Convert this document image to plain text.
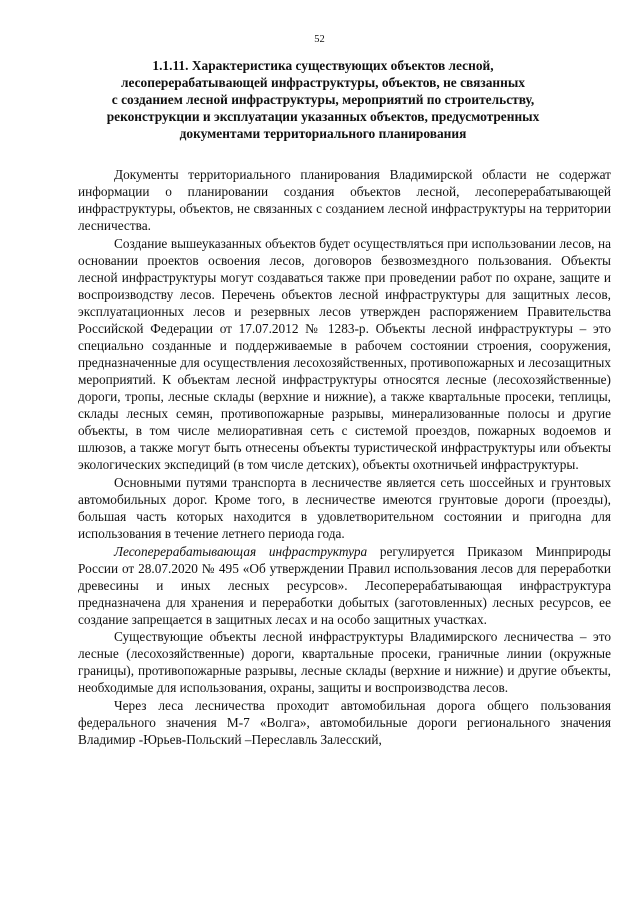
52
1.1.11. Характеристика существующих объектов лесной,
лесоперерабатывающей инфраструктуры, объектов, не связанных
с созданием лесной инфраструктуры, мероприятий по строительству,
реконструкции и эксплуатации указанных объектов, предусмотренных
документами территориального планирования

Документы территориального планирования Владимирской области не содержат информации о планировании создания объектов лесной, лесоперерабатывающей инфраструктуры, объектов, не связанных с созданием лесной инфраструктуры на территории лесничества.

Создание вышеуказанных объектов будет осуществляться при использовании лесов, на основании проектов освоения лесов, договоров безвозмездного пользования. Объекты лесной инфраструктуры могут создаваться также при проведении работ по охране, защите и воспроизводству лесов. Перечень объектов лесной инфраструктуры для защитных лесов, эксплуатационных лесов и резервных лесов утвержден распоряжением Правительства Российской Федерации от 17.07.2012 № 1283-р. Объекты лесной инфраструктуры – это специально созданные и поддерживаемые в рабочем состоянии строения, сооружения, предназначенные для осуществления лесохозяйственных, противопожарных и лесозащитных мероприятий. К объектам лесной инфраструктуры относятся лесные (лесохозяйственные) дороги, тропы, лесные склады (верхние и нижние), а также квартальные просеки, теплицы, склады лесных семян, противопожарные разрывы, минерализованные полосы и другие объекты, в том числе мелиоративная сеть с системой проездов, пожарных водоемов и шлюзов, а также могут быть отнесены объекты туристической инфраструктуры или объекты экологических экспедиций (в том числе детских), объекты охотничьей инфраструктуры.

Основными путями транспорта в лесничестве является сеть шоссейных и грунтовых автомобильных дорог. Кроме того, в лесничестве имеются грунтовые дороги (проезды), большая часть которых находится в удовлетворительном состоянии и пригодна для использования в течение летнего периода года.

Лесоперерабатывающая инфраструктура регулируется Приказом Минприроды России от 28.07.2020 № 495 «Об утверждении Правил использования лесов для переработки древесины и иных лесных ресурсов». Лесоперерабатывающая инфраструктура предназначена для хранения и переработки добытых (заготовленных) лесных ресурсов, ее создание запрещается в защитных лесах и на особо защитных участках.

Существующие объекты лесной инфраструктуры Владимирского лесничества – это лесные (лесохозяйственные) дороги, квартальные просеки, граничные линии (окружные границы), противопожарные разрывы, лесные склады (верхние и нижние) и другие объекты, необходимые для использования, охраны, защиты и воспроизводства лесов.

Через леса лесничества проходит автомобильная дорога общего пользования федерального значения М-7 «Волга», автомобильные дороги регионального значения Владимир -Юрьев-Польский –Переславль Залесский,
